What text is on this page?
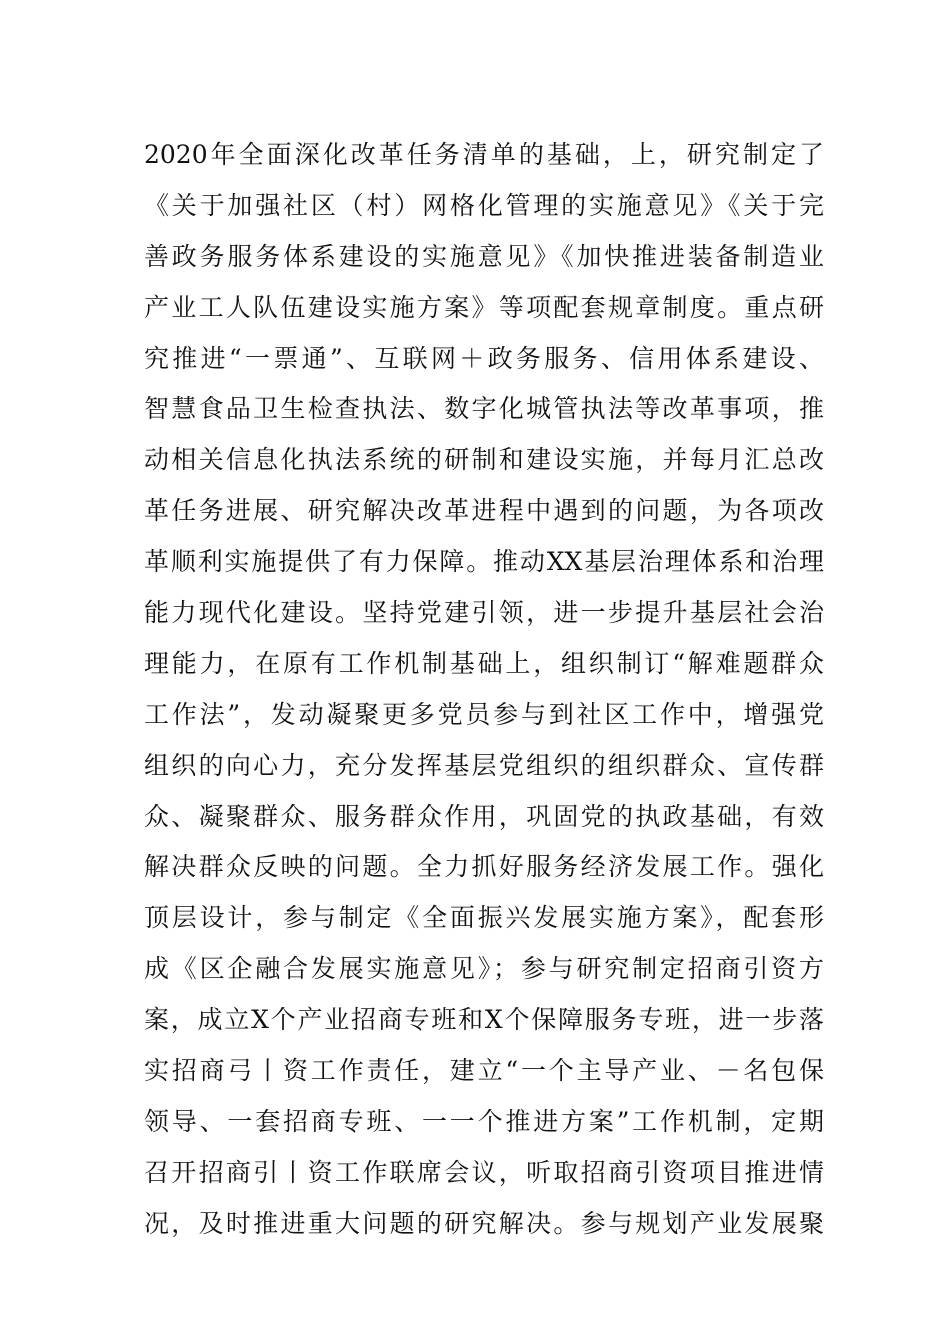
2020年全面深化改革任务清单的基础，上，研究制定了
《关于加强社区（村）网格化管理的实施意见》《关于完
善政务服务体系建设的实施意见》《加快推进装备制造业
产业工人队伍建设实施方案》等项配套规章制度。重点研
究推进“一票通”、互联网＋政务服务、信用体系建设、
智慧食品卫生检查执法、数字化城管执法等改革事项，推
动相关信息化执法系统的研制和建设实施，并每月汇总改
革任务进展、研究解决改革进程中遇到的问题，为各项改
革顺利实施提供了有力保障。推动XX基层治理体系和治理
能力现代化建设。坚持党建引领，进一步提升基层社会治
理能力，在原有工作机制基础上，组织制订“解难题群众
工作法”，发动凝聚更多党员参与到社区工作中，增强党
组织的向心力，充分发挥基层党组织的组织群众、宣传群
众、凝聚群众、服务群众作用，巩固党的执政基础，有效
解决群众反映的问题。全力抓好服务经济发展工作。强化
顶层设计，参与制定《全面振兴发展实施方案》，配套形
成《区企融合发展实施意见》；参与研究制定招商引资方
案，成立X个产业招商专班和X个保障服务专班，进一步落
实招商弓丨资工作责任，建立“一个主导产业、－名包保
领导、一套招商专班、一一个推进方案”工作机制，定期
召开招商引丨资工作联席会议，听取招商引资项目推进情
况，及时推进重大问题的研究解决。参与规划产业发展聚
